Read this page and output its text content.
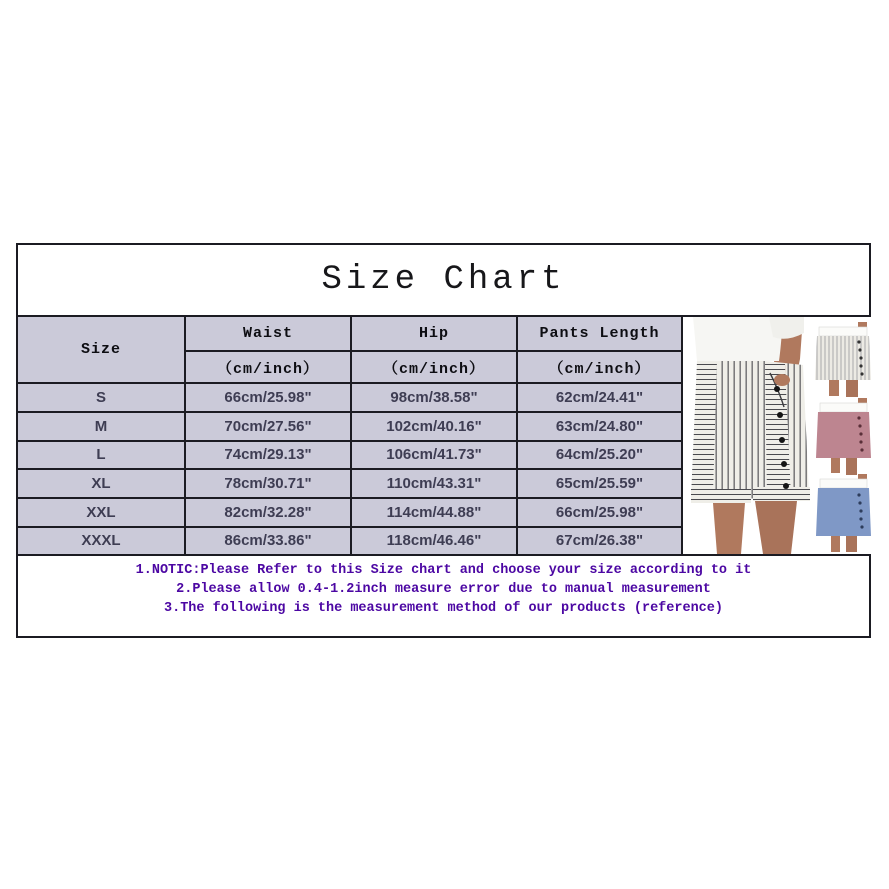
Size Chart
Size	Waist	Hip	Pants Length
	（cm/inch）	（cm/inch）	（cm/inch）
S	66cm/25.98"	98cm/38.58"	62cm/24.41"
M	70cm/27.56"	102cm/40.16"	63cm/24.80"
L	74cm/29.13"	106cm/41.73"	64cm/25.20"
XL	78cm/30.71"	110cm/43.31"	65cm/25.59"
XXL	82cm/32.28"	114cm/44.88"	66cm/25.98"
XXXL	86cm/33.86"	118cm/46.46"	67cm/26.38"
1.NOTIC:Please Refer to this Size chart and choose your size according to it
2.Please allow 0.4-1.2inch measure error due to manual measurement
3.The following is the measurement method of our products (reference)
